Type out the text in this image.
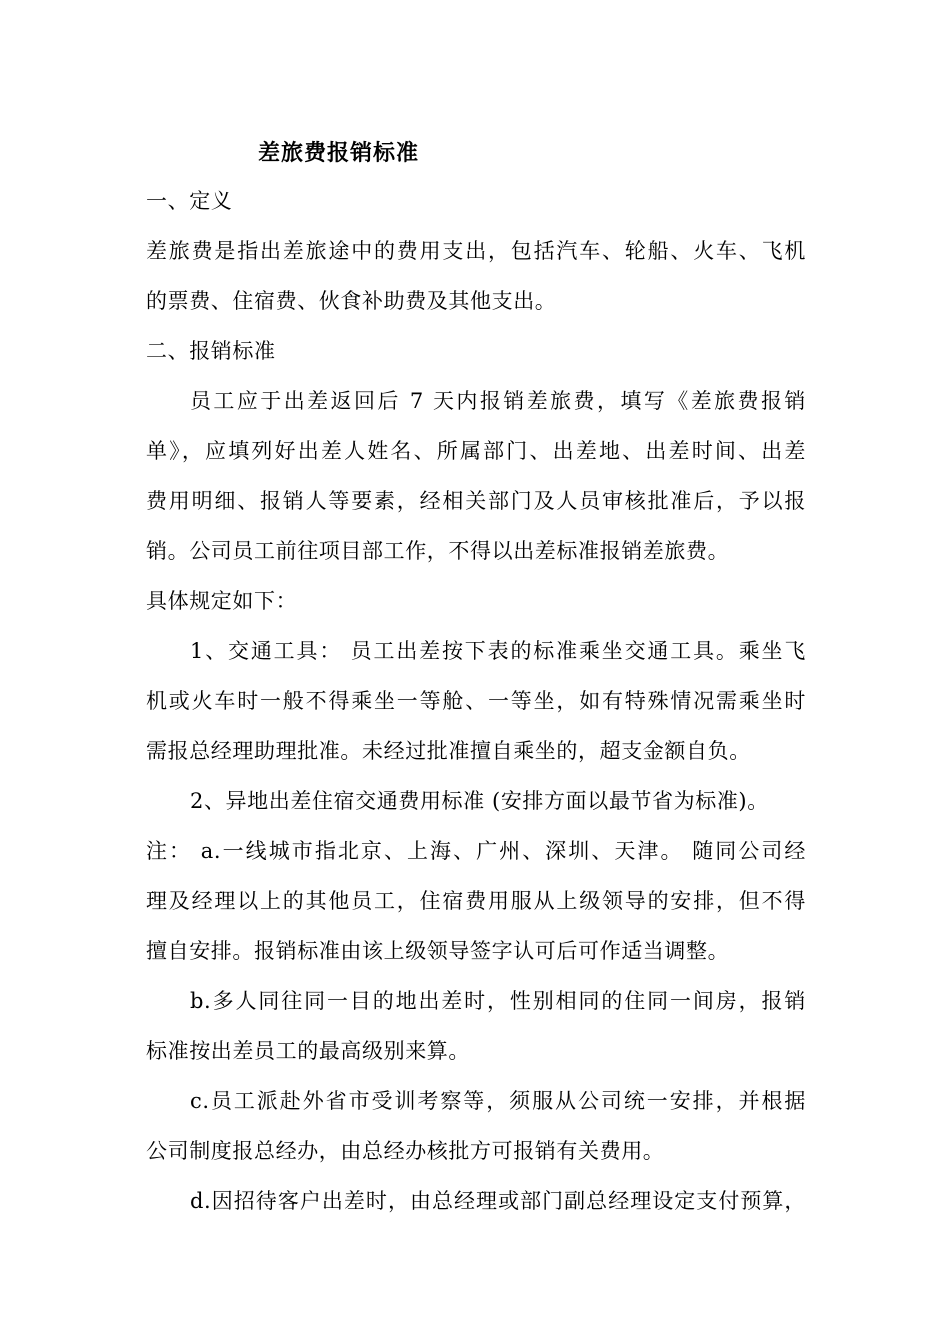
差旅费报销标准
一、定义
差旅费是指出差旅途中的费用支出，包括汽车、轮船、火车、飞机
的票费、住宿费、伙食补助费及其他支出。
二、报销标准
员工应于出差返回后 7 天内报销差旅费，填写《差旅费报销
单》，应填列好出差人姓名、所属部门、出差地、出差时间、出差
费用明细、报销人等要素，经相关部门及人员审核批准后，予以报
销。公司员工前往项目部工作，不得以出差标准报销差旅费。
具体规定如下：
1、交通工具： 员工出差按下表的标准乘坐交通工具。乘坐飞
机或火车时一般不得乘坐一等舱、一等坐，如有特殊情况需乘坐时
需报总经理助理批准。未经过批准擅自乘坐的，超支金额自负。
2、异地出差住宿交通费用标准 (安排方面以最节省为标准)。
注： a.一线城市指北京、上海、广州、深圳、天津。 随同公司经
理及经理以上的其他员工，住宿费用服从上级领导的安排，但不得
擅自安排。报销标准由该上级领导签字认可后可作适当调整。
b.多人同往同一目的地出差时，性别相同的住同一间房，报销
标准按出差员工的最高级别来算。
c.员工派赴外省市受训考察等，须服从公司统一安排，并根据
公司制度报总经办，由总经办核批方可报销有关费用。
d.因招待客户出差时，由总经理或部门副总经理设定支付预算，
